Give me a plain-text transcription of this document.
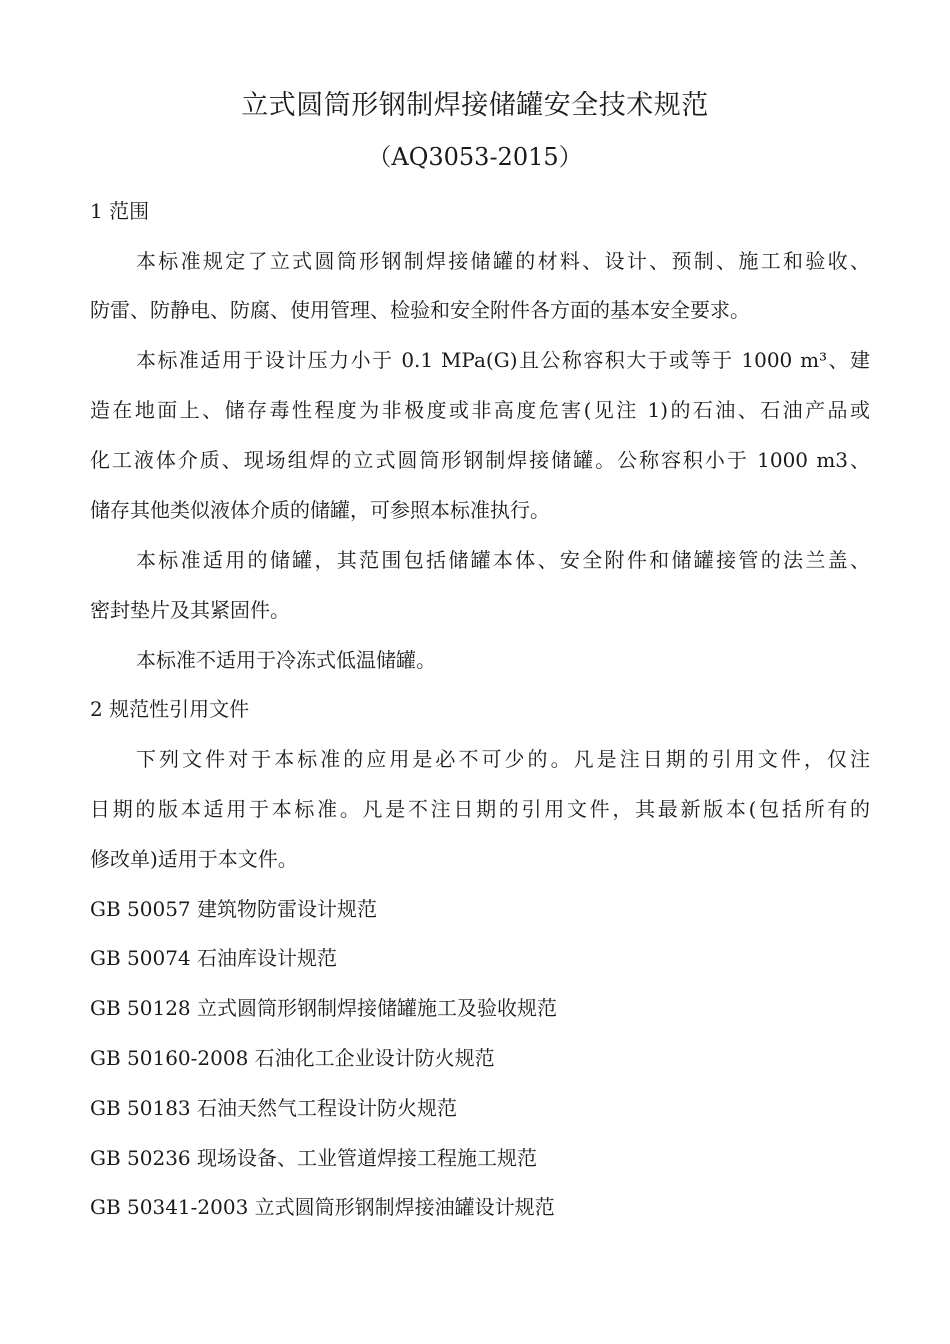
立式圆筒形钢制焊接储罐安全技术规范
（AQ3053-2015）
1 范围
本标准规定了立式圆筒形钢制焊接储罐的材料、设计、预制、施工和验收、
防雷、防静电、防腐、使用管理、检验和安全附件各方面的基本安全要求。
本标准适用于设计压力小于 0.1 MPa(G)且公称容积大于或等于 1000 m³、建
造在地面上、储存毒性程度为非极度或非高度危害(见注 1)的石油、石油产品或
化工液体介质、现场组焊的立式圆筒形钢制焊接储罐。公称容积小于 1000 m3、
储存其他类似液体介质的储罐，可参照本标准执行。
本标准适用的储罐，其范围包括储罐本体、安全附件和储罐接管的法兰盖、
密封垫片及其紧固件。
本标准不适用于冷冻式低温储罐。
2 规范性引用文件
下列文件对于本标准的应用是必不可少的。凡是注日期的引用文件，仅注
日期的版本适用于本标准。凡是不注日期的引用文件，其最新版本(包括所有的
修改单)适用于本文件。
GB 50057 建筑物防雷设计规范
GB 50074 石油库设计规范
GB 50128 立式圆筒形钢制焊接储罐施工及验收规范
GB 50160-2008 石油化工企业设计防火规范
GB 50183 石油天然气工程设计防火规范
GB 50236 现场设备、工业管道焊接工程施工规范
GB 50341-2003 立式圆筒形钢制焊接油罐设计规范
